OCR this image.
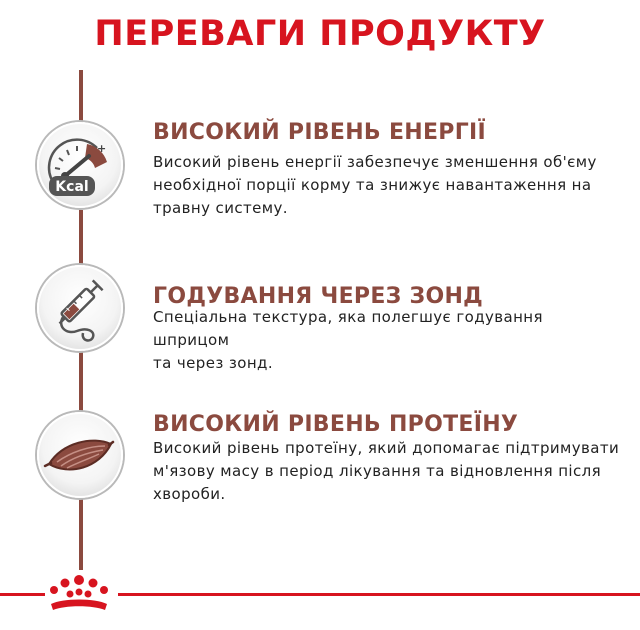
ПЕРЕВАГИ ПРОДУКТУ
+
Kcal
ВИСОКИЙ РІВЕНЬ ЕНЕРГІЇ
Високий рівень енергії забезпечує зменшення об'єму
необхідної порції корму та знижує навантаження на
травну систему.
ГОДУВАННЯ ЧЕРЕЗ ЗОНД
Спеціальна текстура, яка полегшує годування шприцом
та через зонд.
ВИСОКИЙ РІВЕНЬ ПРОТЕЇНУ
Високий рівень протеїну, який допомагає підтримувати
м'язову масу в період лікування та відновлення після
хвороби.
